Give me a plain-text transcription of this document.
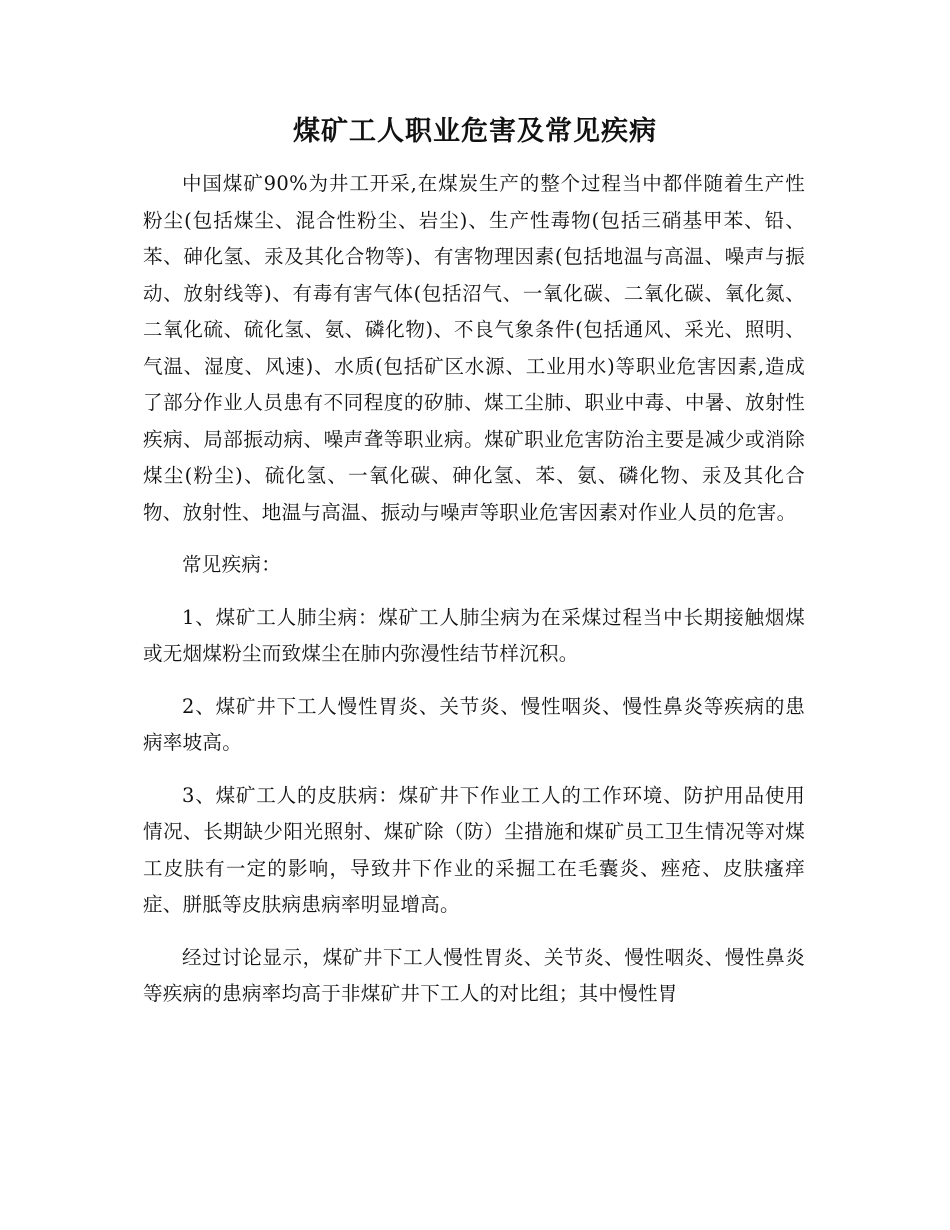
煤矿工人职业危害及常见疾病

中国煤矿90%为井工开采,在煤炭生产的整个过程当中都伴随着生产性粉尘(包括煤尘、混合性粉尘、岩尘)、生产性毒物(包括三硝基甲苯、铅、苯、砷化氢、汞及其化合物等)、有害物理因素(包括地温与高温、噪声与振动、放射线等)、有毒有害气体(包括沼气、一氧化碳、二氧化碳、氧化氮、二氧化硫、硫化氢、氨、磷化物)、不良气象条件(包括通风、采光、照明、气温、湿度、风速)、水质(包括矿区水源、工业用水)等职业危害因素,造成了部分作业人员患有不同程度的矽肺、煤工尘肺、职业中毒、中暑、放射性疾病、局部振动病、噪声聋等职业病。煤矿职业危害防治主要是减少或消除煤尘(粉尘)、硫化氢、一氧化碳、砷化氢、苯、氨、磷化物、汞及其化合物、放射性、地温与高温、振动与噪声等职业危害因素对作业人员的危害。

常见疾病：

1、煤矿工人肺尘病：煤矿工人肺尘病为在采煤过程当中长期接触烟煤或无烟煤粉尘而致煤尘在肺内弥漫性结节样沉积。

2、煤矿井下工人慢性胃炎、关节炎、慢性咽炎、慢性鼻炎等疾病的患病率坡高。

3、煤矿工人的皮肤病：煤矿井下作业工人的工作环境、防护用品使用情况、长期缺少阳光照射、煤矿除（防）尘措施和煤矿员工卫生情况等对煤工皮肤有一定的影响，导致井下作业的采掘工在毛囊炎、痤疮、皮肤瘙痒症、胼胝等皮肤病患病率明显增高。

经过讨论显示，煤矿井下工人慢性胃炎、关节炎、慢性咽炎、慢性鼻炎等疾病的患病率均高于非煤矿井下工人的对比组；其中慢性胃
